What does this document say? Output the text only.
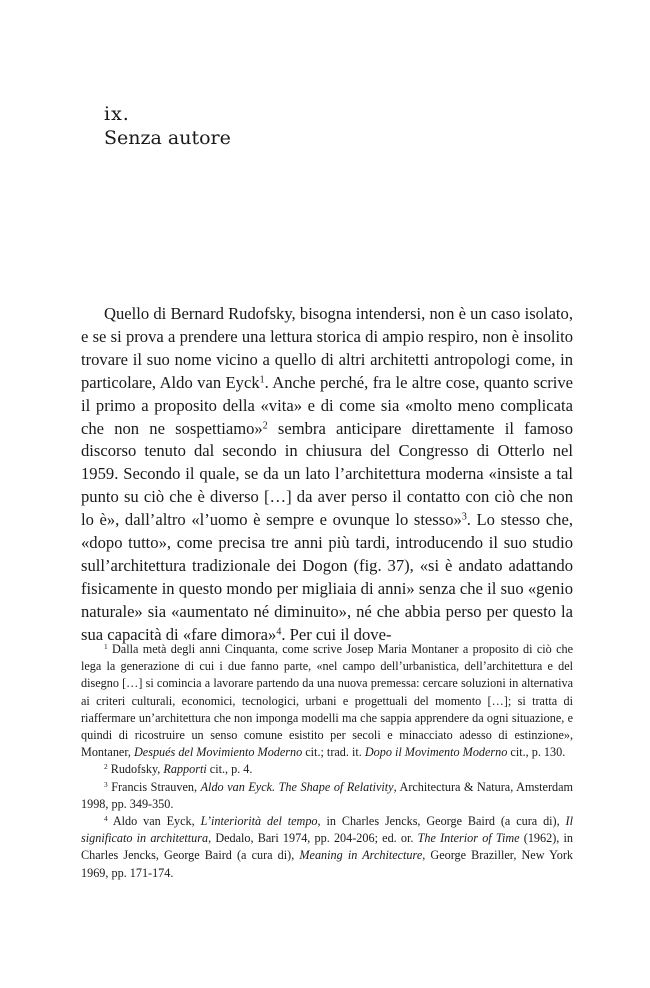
ix.
Senza autore

Quello di Bernard Rudofsky, bisogna intendersi, non è un caso isolato, e se si prova a prendere una lettura storica di ampio respiro, non è insolito trovare il suo nome vicino a quello di altri architetti antropologi come, in particolare, Aldo van Eyck$^1$. Anche perché, fra le altre cose, quanto scrive il primo a proposito della «vita» e di come sia «molto meno complicata che non ne sospettiamo»$^2$ sembra anticipare direttamente il famoso discorso tenuto dal secondo in chiusura del Congresso di Otterlo nel 1959. Secondo il quale, se da un lato l’architettura moderna «insiste a tal punto su ciò che è diverso […] da aver perso il contatto con ciò che non lo è», dall’altro «l’uomo è sempre e ovunque lo stesso»$^3$. Lo stesso che, «dopo tutto», come precisa tre anni più tardi, introducendo il suo studio sull’architettura tradizionale dei Dogon (fig. 37), «si è andato adattando fisicamente in questo mondo per migliaia di anni» senza che il suo «genio naturale» sia «aumentato né diminuito», né che abbia perso per questo la sua capacità di «fare dimora»$^4$. Per cui il dove-

$^1$ Dalla metà degli anni Cinquanta, come scrive Josep Maria Montaner a proposito di ciò che lega la generazione di cui i due fanno parte, «nel campo dell’urbanistica, dell’architettura e del disegno […] si comincia a lavorare partendo da una nuova premessa: cercare soluzioni in alternativa ai criteri culturali, economici, tecnologici, urbani e progettuali del momento […]; si tratta di riaffermare un’architettura che non imponga modelli ma che sappia apprendere da ogni situazione, e quindi di ricostruire un senso comune esistito per secoli e minacciato adesso di estinzione», Montaner, Después del Movimiento Moderno cit.; trad. it. Dopo il Movimento Moderno cit., p. 130.

$^2$ Rudofsky, Rapporti cit., p. 4.

$^3$ Francis Strauven, Aldo van Eyck. The Shape of Relativity, Architectura & Natura, Amsterdam 1998, pp. 349-350.

$^4$ Aldo van Eyck, L’interiorità del tempo, in Charles Jencks, George Baird (a cura di), Il significato in architettura, Dedalo, Bari 1974, pp. 204-206; ed. or. The Interior of Time (1962), in Charles Jencks, George Baird (a cura di), Meaning in Architecture, George Braziller, New York 1969, pp. 171-174.
